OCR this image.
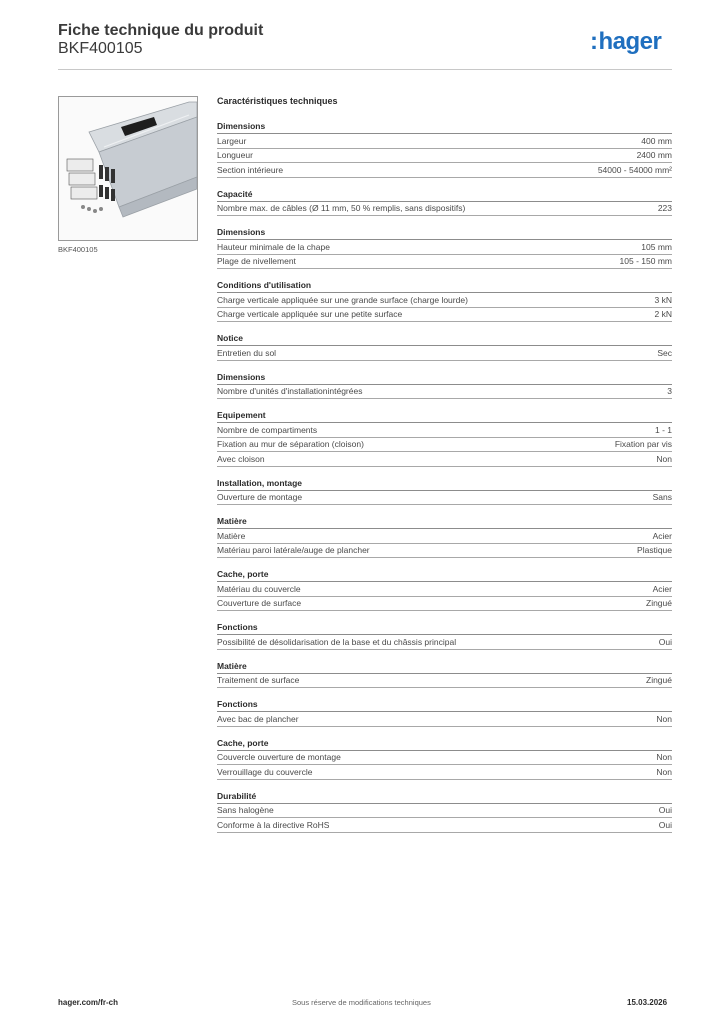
Fiche technique du produit
BKF400105	:hager
BKF400105
Caractéristiques techniques
Dimensions
Largeur	400 mm
Longueur	2400 mm
Section intérieure	54000 - 54000 mm²
Capacité
Nombre max. de câbles (Ø 11 mm, 50 % remplis, sans dispositifs)	223
Dimensions
Hauteur minimale de la chape	105 mm
Plage de nivellement	105 - 150 mm
Conditions d'utilisation
Charge verticale appliquée sur une grande surface (charge lourde)	3 kN
Charge verticale appliquée sur une petite surface	2 kN
Notice
Entretien du sol	Sec
Dimensions
Nombre d'unités d'installationintégrées	3
Equipement
Nombre de compartiments	1 - 1
Fixation au mur de séparation (cloison)	Fixation par vis
Avec cloison	Non
Installation, montage
Ouverture de montage	Sans
Matière
Matière	Acier
Matériau paroi latérale/auge de plancher	Plastique
Cache, porte
Matériau du couvercle	Acier
Couverture de surface	Zingué
Fonctions
Possibilité de désolidarisation de la base et du châssis principal	Oui
Matière
Traitement de surface	Zingué
Fonctions
Avec bac de plancher	Non
Cache, porte
Couvercle ouverture de montage	Non
Verrouillage du couvercle	Non
Durabilité
Sans halogène	Oui
Conforme à la directive RoHS	Oui
hager.com/fr-ch	Sous réserve de modifications techniques	15.03.2026
